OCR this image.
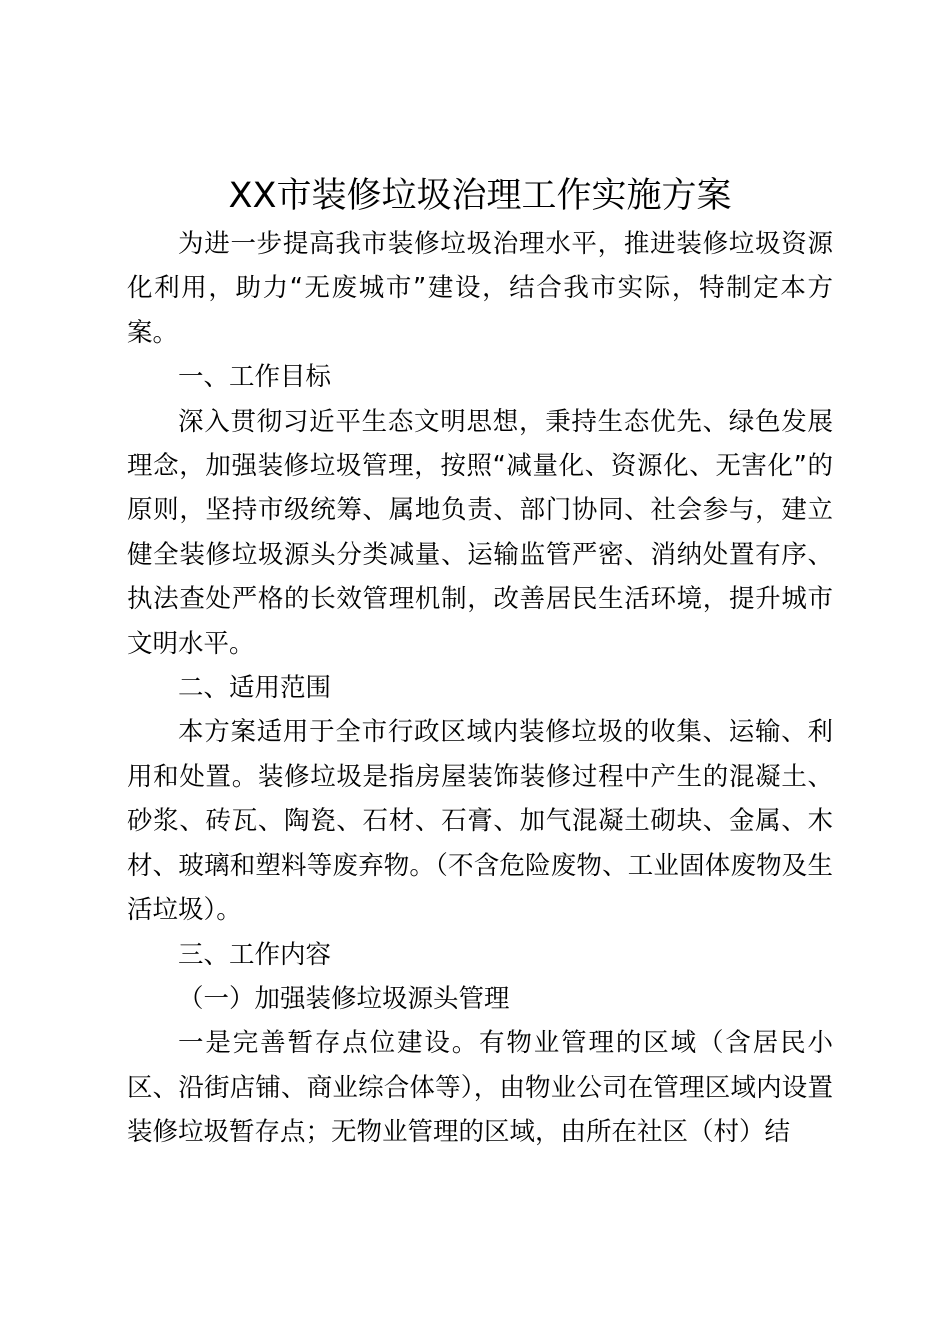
XX市装修垃圾治理工作实施方案

为进一步提高我市装修垃圾治理水平，推进装修垃圾资源化利用，助力“无废城市”建设，结合我市实际，特制定本方案。

一、工作目标

深入贯彻习近平生态文明思想，秉持生态优先、绿色发展理念，加强装修垃圾管理，按照“减量化、资源化、无害化”的原则，坚持市级统筹、属地负责、部门协同、社会参与，建立健全装修垃圾源头分类减量、运输监管严密、消纳处置有序、执法查处严格的长效管理机制，改善居民生活环境，提升城市文明水平。

二、适用范围

本方案适用于全市行政区域内装修垃圾的收集、运输、利用和处置。装修垃圾是指房屋装饰装修过程中产生的混凝土、砂浆、砖瓦、陶瓷、石材、石膏、加气混凝土砌块、金属、木材、玻璃和塑料等废弃物。（不含危险废物、工业固体废物及生活垃圾）。

三、工作内容

（一）加强装修垃圾源头管理

一是完善暂存点位建设。有物业管理的区域（含居民小区、沿街店铺、商业综合体等），由物业公司在管理区域内设置装修垃圾暂存点；无物业管理的区域，由所在社区（村）结
